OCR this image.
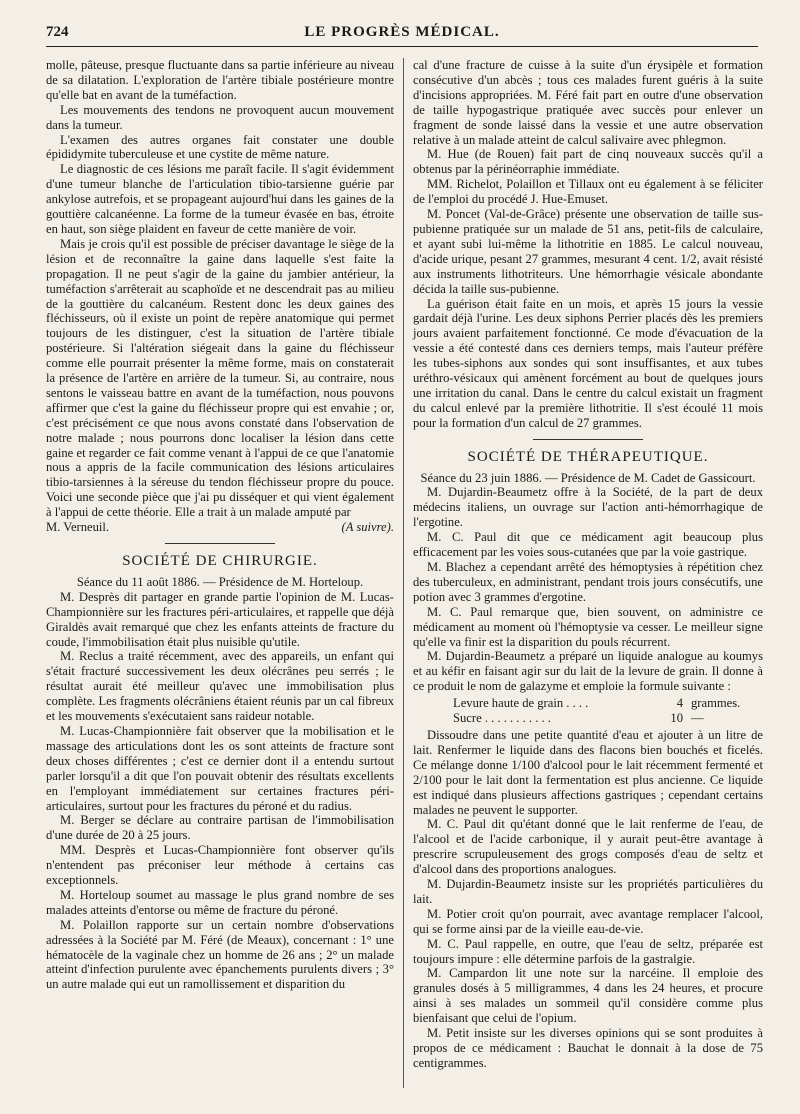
724	LE PROGRÈS MÉDICAL.

molle, pâteuse, presque fluctuante dans sa partie inférieure au niveau de sa dilatation. L'exploration de l'artère tibiale postérieure montre qu'elle bat en avant de la tuméfaction.

Les mouvements des tendons ne provoquent aucun mouvement dans la tumeur.

L'examen des autres organes fait constater une double épididymite tuberculeuse et une cystite de même nature.

Le diagnostic de ces lésions me paraît facile. Il s'agit évidemment d'une tumeur blanche de l'articulation tibio-tarsienne guérie par ankylose autrefois, et se propageant aujourd'hui dans les gaines de la gouttière calcanéenne. La forme de la tumeur évasée en bas, étroite en haut, son siège plaident en faveur de cette manière de voir.

Mais je crois qu'il est possible de préciser davantage le siège de la lésion et de reconnaître la gaine dans laquelle s'est faite la propagation. Il ne peut s'agir de la gaine du jambier antérieur, la tuméfaction s'arrêterait au scaphoïde et ne descendrait pas au milieu de la gouttière du calcanéum. Restent donc les deux gaines des fléchisseurs, où il existe un point de repère anatomique qui permet toujours de les distinguer, c'est la situation de l'artère tibiale postérieure. Si l'altération siégeait dans la gaine du fléchisseur comme elle pourrait présenter la même forme, mais on constaterait la présence de l'artère en arrière de la tumeur. Si, au contraire, nous sentons le vaisseau battre en avant de la tuméfaction, nous pouvons affirmer que c'est la gaine du fléchisseur propre qui est envahie ; or, c'est précisément ce que nous avons constaté dans l'observation de notre malade ; nous pourrons donc localiser la lésion dans cette gaine et regarder ce fait comme venant à l'appui de ce que l'anatomie nous a appris de la facile communication des lésions articulaires tibio-tarsiennes à la séreuse du tendon fléchisseur propre du pouce. Voici une seconde pièce que j'ai pu disséquer et qui vient également à l'appui de cette théorie. Elle a trait à un malade amputé par

M. Verneuil.	(A suivre).

SOCIÉTÉ DE CHIRURGIE.

Séance du 11 août 1886. — Présidence de M. Horteloup.

M. Desprès dit partager en grande partie l'opinion de M. Lucas-Championnière sur les fractures péri-articulaires, et rappelle que déjà Giraldès avait remarqué que chez les enfants atteints de fracture du coude, l'immobilisation était plus nuisible qu'utile.

M. Reclus a traité récemment, avec des appareils, un enfant qui s'était fracturé successivement les deux olécrânes peu serrés ; le résultat aurait été meilleur qu'avec une immobilisation plus complète. Les fragments olécrâniens étaient réunis par un cal fibreux et les mouvements s'exécutaient sans raideur notable.

M. Lucas-Championnière fait observer que la mobilisation et le massage des articulations dont les os sont atteints de fracture sont deux choses différentes ; c'est ce dernier dont il a entendu surtout parler lorsqu'il a dit que l'on pouvait obtenir des résultats excellents en l'employant immédiatement sur certaines fractures péri-articulaires, surtout pour les fractures du péroné et du radius.

M. Berger se déclare au contraire partisan de l'immobilisation d'une durée de 20 à 25 jours.

MM. Desprès et Lucas-Championnière font observer qu'ils n'entendent pas préconiser leur méthode à certains cas exceptionnels.

M. Horteloup soumet au massage le plus grand nombre de ses malades atteints d'entorse ou même de fracture du péroné.

M. Polaillon rapporte sur un certain nombre d'observations adressées à la Société par M. Féré (de Meaux), concernant : 1° une hématocèle de la vaginale chez un homme de 26 ans ; 2° un malade atteint d'infection purulente avec épanchements purulents divers ; 3° un autre malade qui eut un ramollissement et disparition du

cal d'une fracture de cuisse à la suite d'un érysipèle et formation consécutive d'un abcès ; tous ces malades furent guéris à la suite d'incisions appropriées. M. Féré fait part en outre d'une observation de taille hypogastrique pratiquée avec succès pour enlever un fragment de sonde laissé dans la vessie et une autre observation relative à un malade atteint de calcul salivaire avec phlegmon.

M. Hue (de Rouen) fait part de cinq nouveaux succès qu'il a obtenus par la périnéorraphie immédiate.

MM. Richelot, Polaillon et Tillaux ont eu également à se féliciter de l'emploi du procédé J. Hue-Emuset.

M. Poncet (Val-de-Grâce) présente une observation de taille sus-pubienne pratiquée sur un malade de 51 ans, petit-fils de calculaire, et ayant subi lui-même la lithotritie en 1885. Le calcul nouveau, d'acide urique, pesant 27 grammes, mesurant 4 cent. 1/2, avait résisté aux instruments lithotriteurs. Une hémorrhagie vésicale abondante décida la taille sus-pubienne.

La guérison était faite en un mois, et après 15 jours la vessie gardait déjà l'urine. Les deux siphons Perrier placés dès les premiers jours avaient parfaitement fonctionné. Ce mode d'évacuation de la vessie a été contesté dans ces derniers temps, mais l'auteur préfère les tubes-siphons aux sondes qui sont insuffisantes, et aux tubes uréthro-vésicaux qui amènent forcément au bout de quelques jours une irritation du canal. Dans le centre du calcul existait un fragment du calcul enlevé par la première lithotritie. Il s'est écoulé 11 mois pour la formation d'un calcul de 27 grammes.

SOCIÉTÉ DE THÉRAPEUTIQUE.

Séance du 23 juin 1886. — Présidence de M. Cadet de Gassicourt.

M. Dujardin-Beaumetz offre à la Société, de la part de deux médecins italiens, un ouvrage sur l'action anti-hémorrhagique de l'ergotine.

M. C. Paul dit que ce médicament agit beaucoup plus efficacement par les voies sous-cutanées que par la voie gastrique.

M. Blachez a cependant arrêté des hémoptysies à répétition chez des tuberculeux, en administrant, pendant trois jours consécutifs, une potion avec 3 grammes d'ergotine.

M. C. Paul remarque que, bien souvent, on administre ce médicament au moment où l'hémoptysie va cesser. Le meilleur signe qu'elle va finir est la disparition du pouls récurrent.

M. Dujardin-Beaumetz a préparé un liquide analogue au koumys et au kéfir en faisant agir sur du lait de la levure de grain. Il donne à ce produit le nom de galazyme et emploie la formule suivante :

Levure haute de grain . . . .	4 grammes.
Sucre . . . . . . . . . . .	10 —

Dissoudre dans une petite quantité d'eau et ajouter à un litre de lait. Renfermer le liquide dans des flacons bien bouchés et ficelés. Ce mélange donne 1/100 d'alcool pour le lait récemment fermenté et 2/100 pour le lait dont la fermentation est plus ancienne. Ce liquide est indiqué dans plusieurs affections gastriques ; cependant certains malades ne peuvent le supporter.

M. C. Paul dit qu'étant donné que le lait renferme de l'eau, de l'alcool et de l'acide carbonique, il y aurait peut-être avantage à prescrire scrupuleusement des grogs composés d'eau de seltz et d'alcool dans des proportions analogues.

M. Dujardin-Beaumetz insiste sur les propriétés particulières du lait.

M. Potier croit qu'on pourrait, avec avantage remplacer l'alcool, qui se forme ainsi par de la vieille eau-de-vie.

M. C. Paul rappelle, en outre, que l'eau de seltz, préparée est toujours impure : elle détermine parfois de la gastralgie.

M. Campardon lit une note sur la narcéine. Il emploie des granules dosés à 5 milligrammes, 4 dans les 24 heures, et procure ainsi à ses malades un sommeil qu'il considère comme plus bienfaisant que celui de l'opium.

M. Petit insiste sur les diverses opinions qui se sont produites à propos de ce médicament : Bauchat le donnait à la dose de 75 centigrammes.
